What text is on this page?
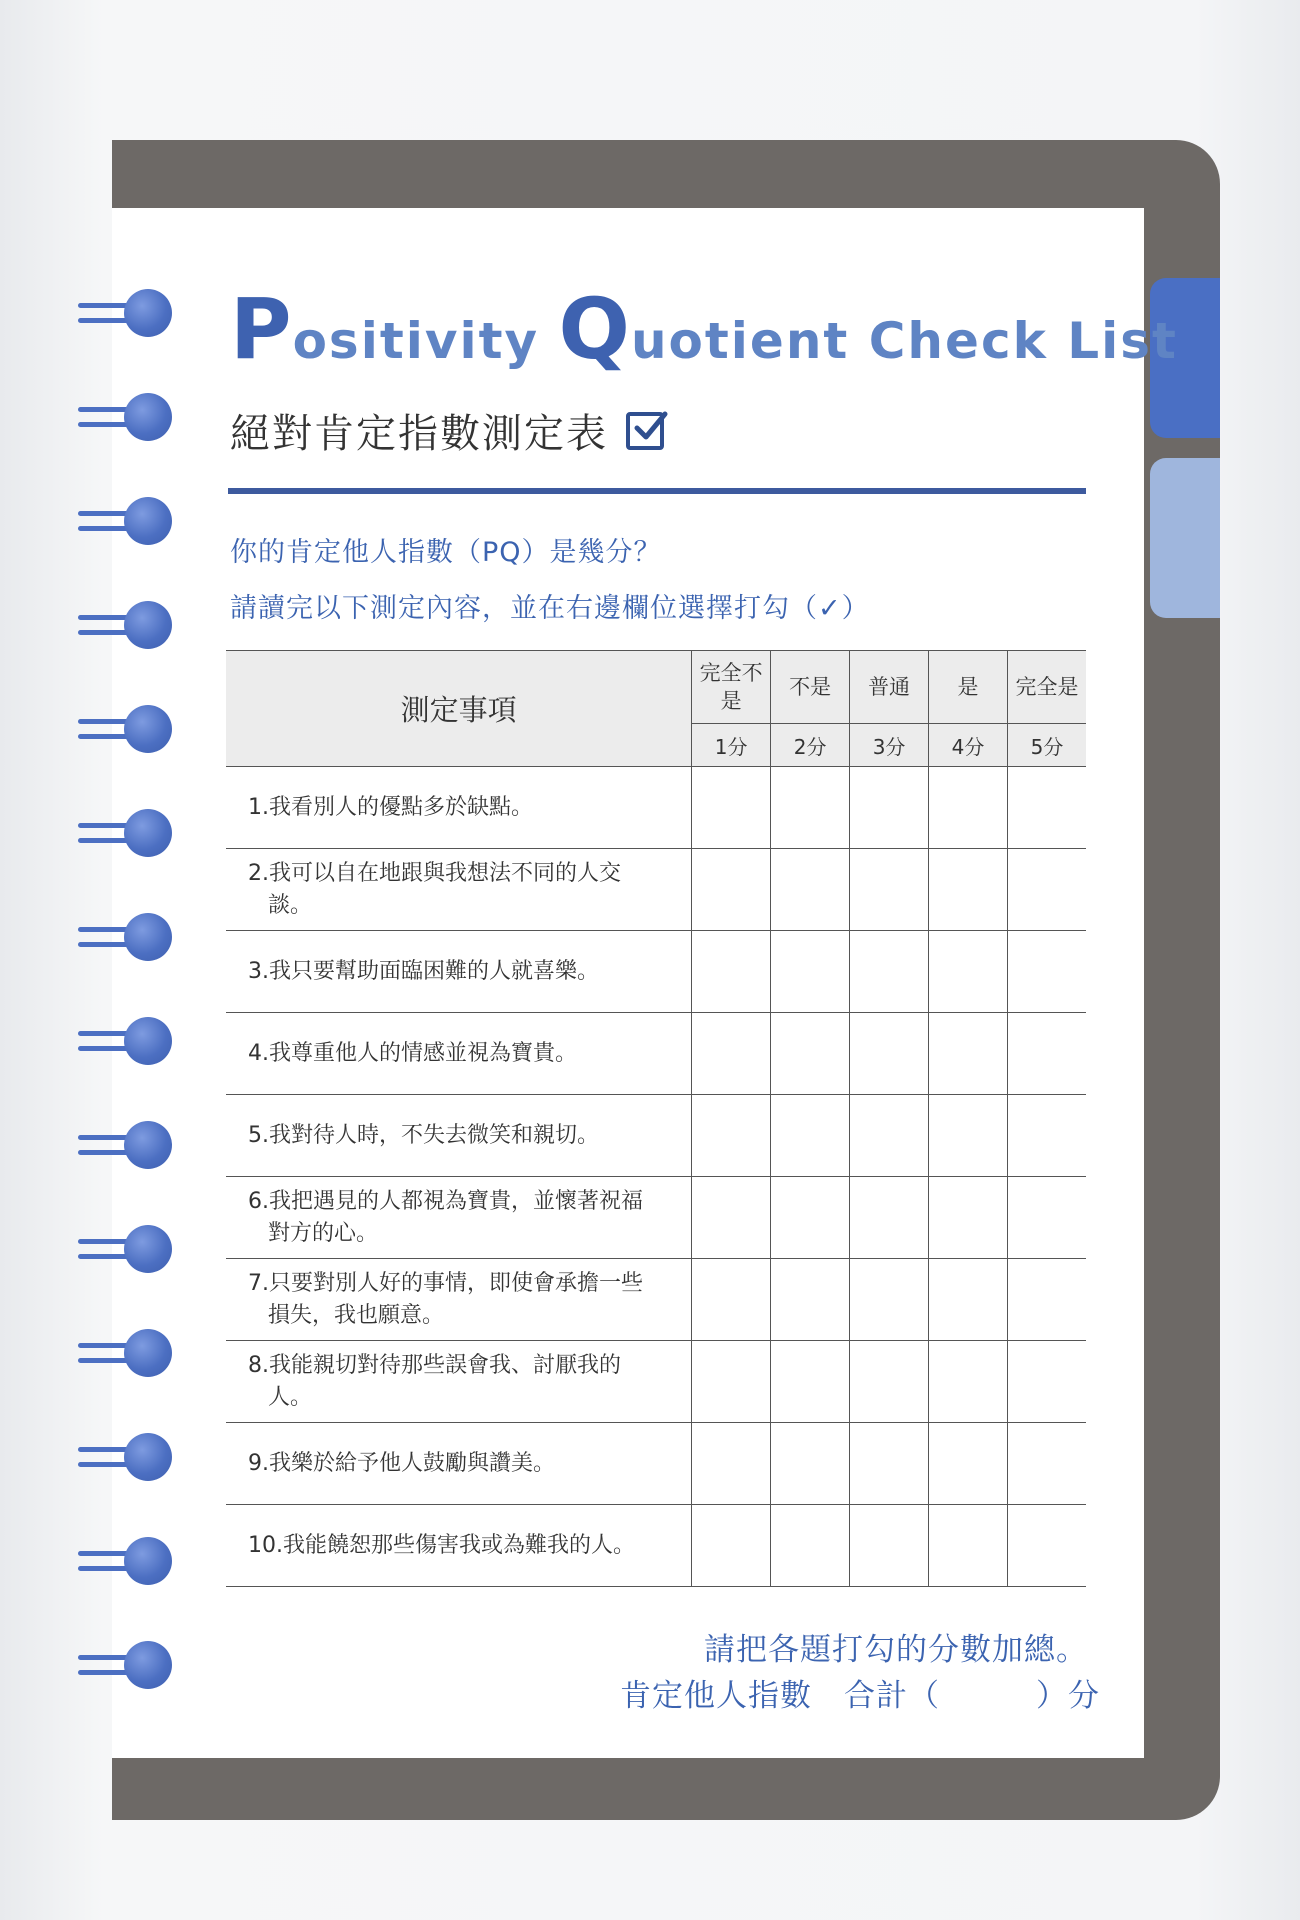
Positivity Quotient Check List
絕對肯定指數測定表
你的肯定他人指數（PQ）是幾分？
請讀完以下測定內容，並在右邊欄位選擇打勾（✓）
測定事項	完全不是	不是	普通	是	完全是
	1分	2分	3分	4分	5分
1.我看別人的優點多於缺點。					
2.我可以自在地跟與我想法不同的人交
談。					

3.我只要幫助面臨困難的人就喜樂。					
4.我尊重他人的情感並視為寶貴。					
5.我對待人時，不失去微笑和親切。					
6.我把遇見的人都視為寶貴，並懷著祝福
對方的心。					

7.只要對別人好的事情，即使會承擔一些
損失，我也願意。					

8.我能親切對待那些誤會我、討厭我的
人。					

9.我樂於給予他人鼓勵與讚美。					
10.我能饒恕那些傷害我或為難我的人。					
請把各題打勾的分數加總。
肯定他人指數　合計（　　　）分
